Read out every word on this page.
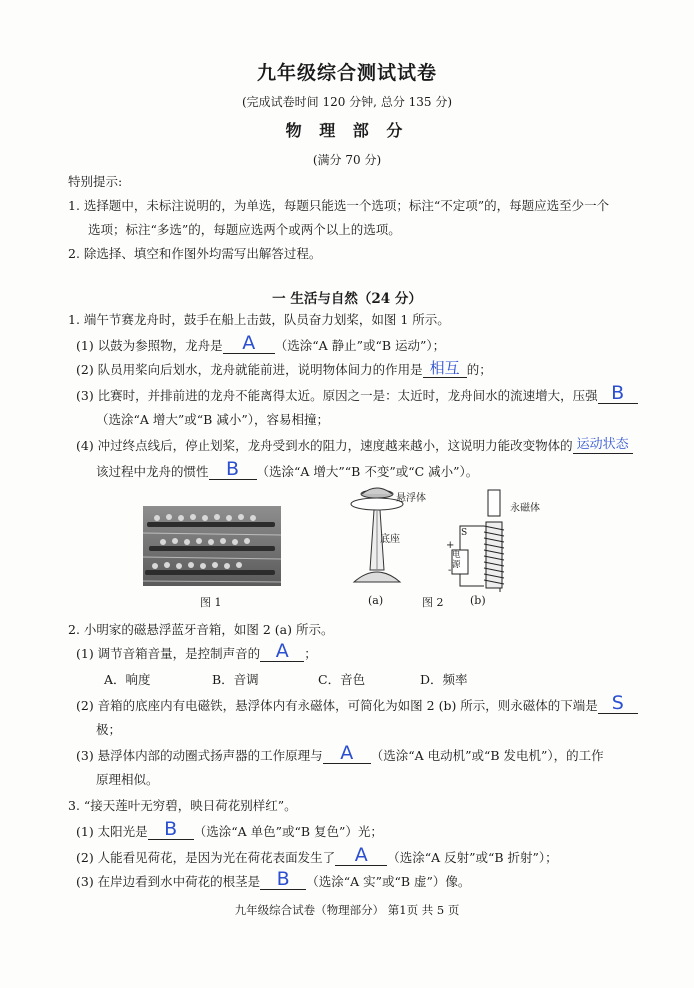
九年级综合测试试卷
(完成试卷时间 120 分钟, 总分 135 分)
物 理 部 分
(满分 70 分)
特别提示:
1. 选择题中，未标注说明的，为单选，每题只能选一个选项；标注“不定项”的，每题应选至少一个
选项；标注“多选”的，每题应选两个或两个以上的选项。
2. 除选择、填空和作图外均需写出解答过程。
一 生活与自然（24 分）
1. 端午节赛龙舟时，鼓手在船上击鼓，队员奋力划桨，如图 1 所示。
(1) 以鼓为参照物，龙舟是 A （选涂“A 静止”或“B 运动”）；
(2) 队员用桨向后划水，龙舟就能前进，说明物体间力的作用是 相互 的；
(3) 比赛时，并排前进的龙舟不能离得太近。原因之一是：太近时，龙舟间水的流速增大，压强 B
（选涂“A 增大”或“B 减小”），容易相撞；
(4) 冲过终点线后，停止划桨，龙舟受到水的阻力，速度越来越小，这说明力能改变物体的 运动状态
该过程中龙舟的惯性 B （选涂“A 增大”“B 不变”或“C 减小”）。
图 1
悬浮体
底座
(a)	图 2
永磁体
电源
S
+
-
(b)
2. 小明家的磁悬浮蓝牙音箱，如图 2 (a) 所示。
(1) 调节音箱音量，是控制声音的 A ；
A．响度	B．音调	C．音色	D．频率
(2) 音箱的底座内有电磁铁，悬浮体内有永磁体，可简化为如图 2 (b) 所示，则永磁体的下端是 S
极；
(3) 悬浮体内部的动圈式扬声器的工作原理与 A （选涂“A 电动机”或“B 发电机”），的工作
原理相似。
3. “接天莲叶无穷碧，映日荷花别样红”。
(1) 太阳光是 B （选涂“A 单色”或“B 复色”）光；
(2) 人能看见荷花，是因为光在荷花表面发生了 A （选涂“A 反射”或“B 折射”）；
(3) 在岸边看到水中荷花的根茎是 B （选涂“A 实”或“B 虚”）像。
九年级综合试卷（物理部分） 第1页 共 5 页
